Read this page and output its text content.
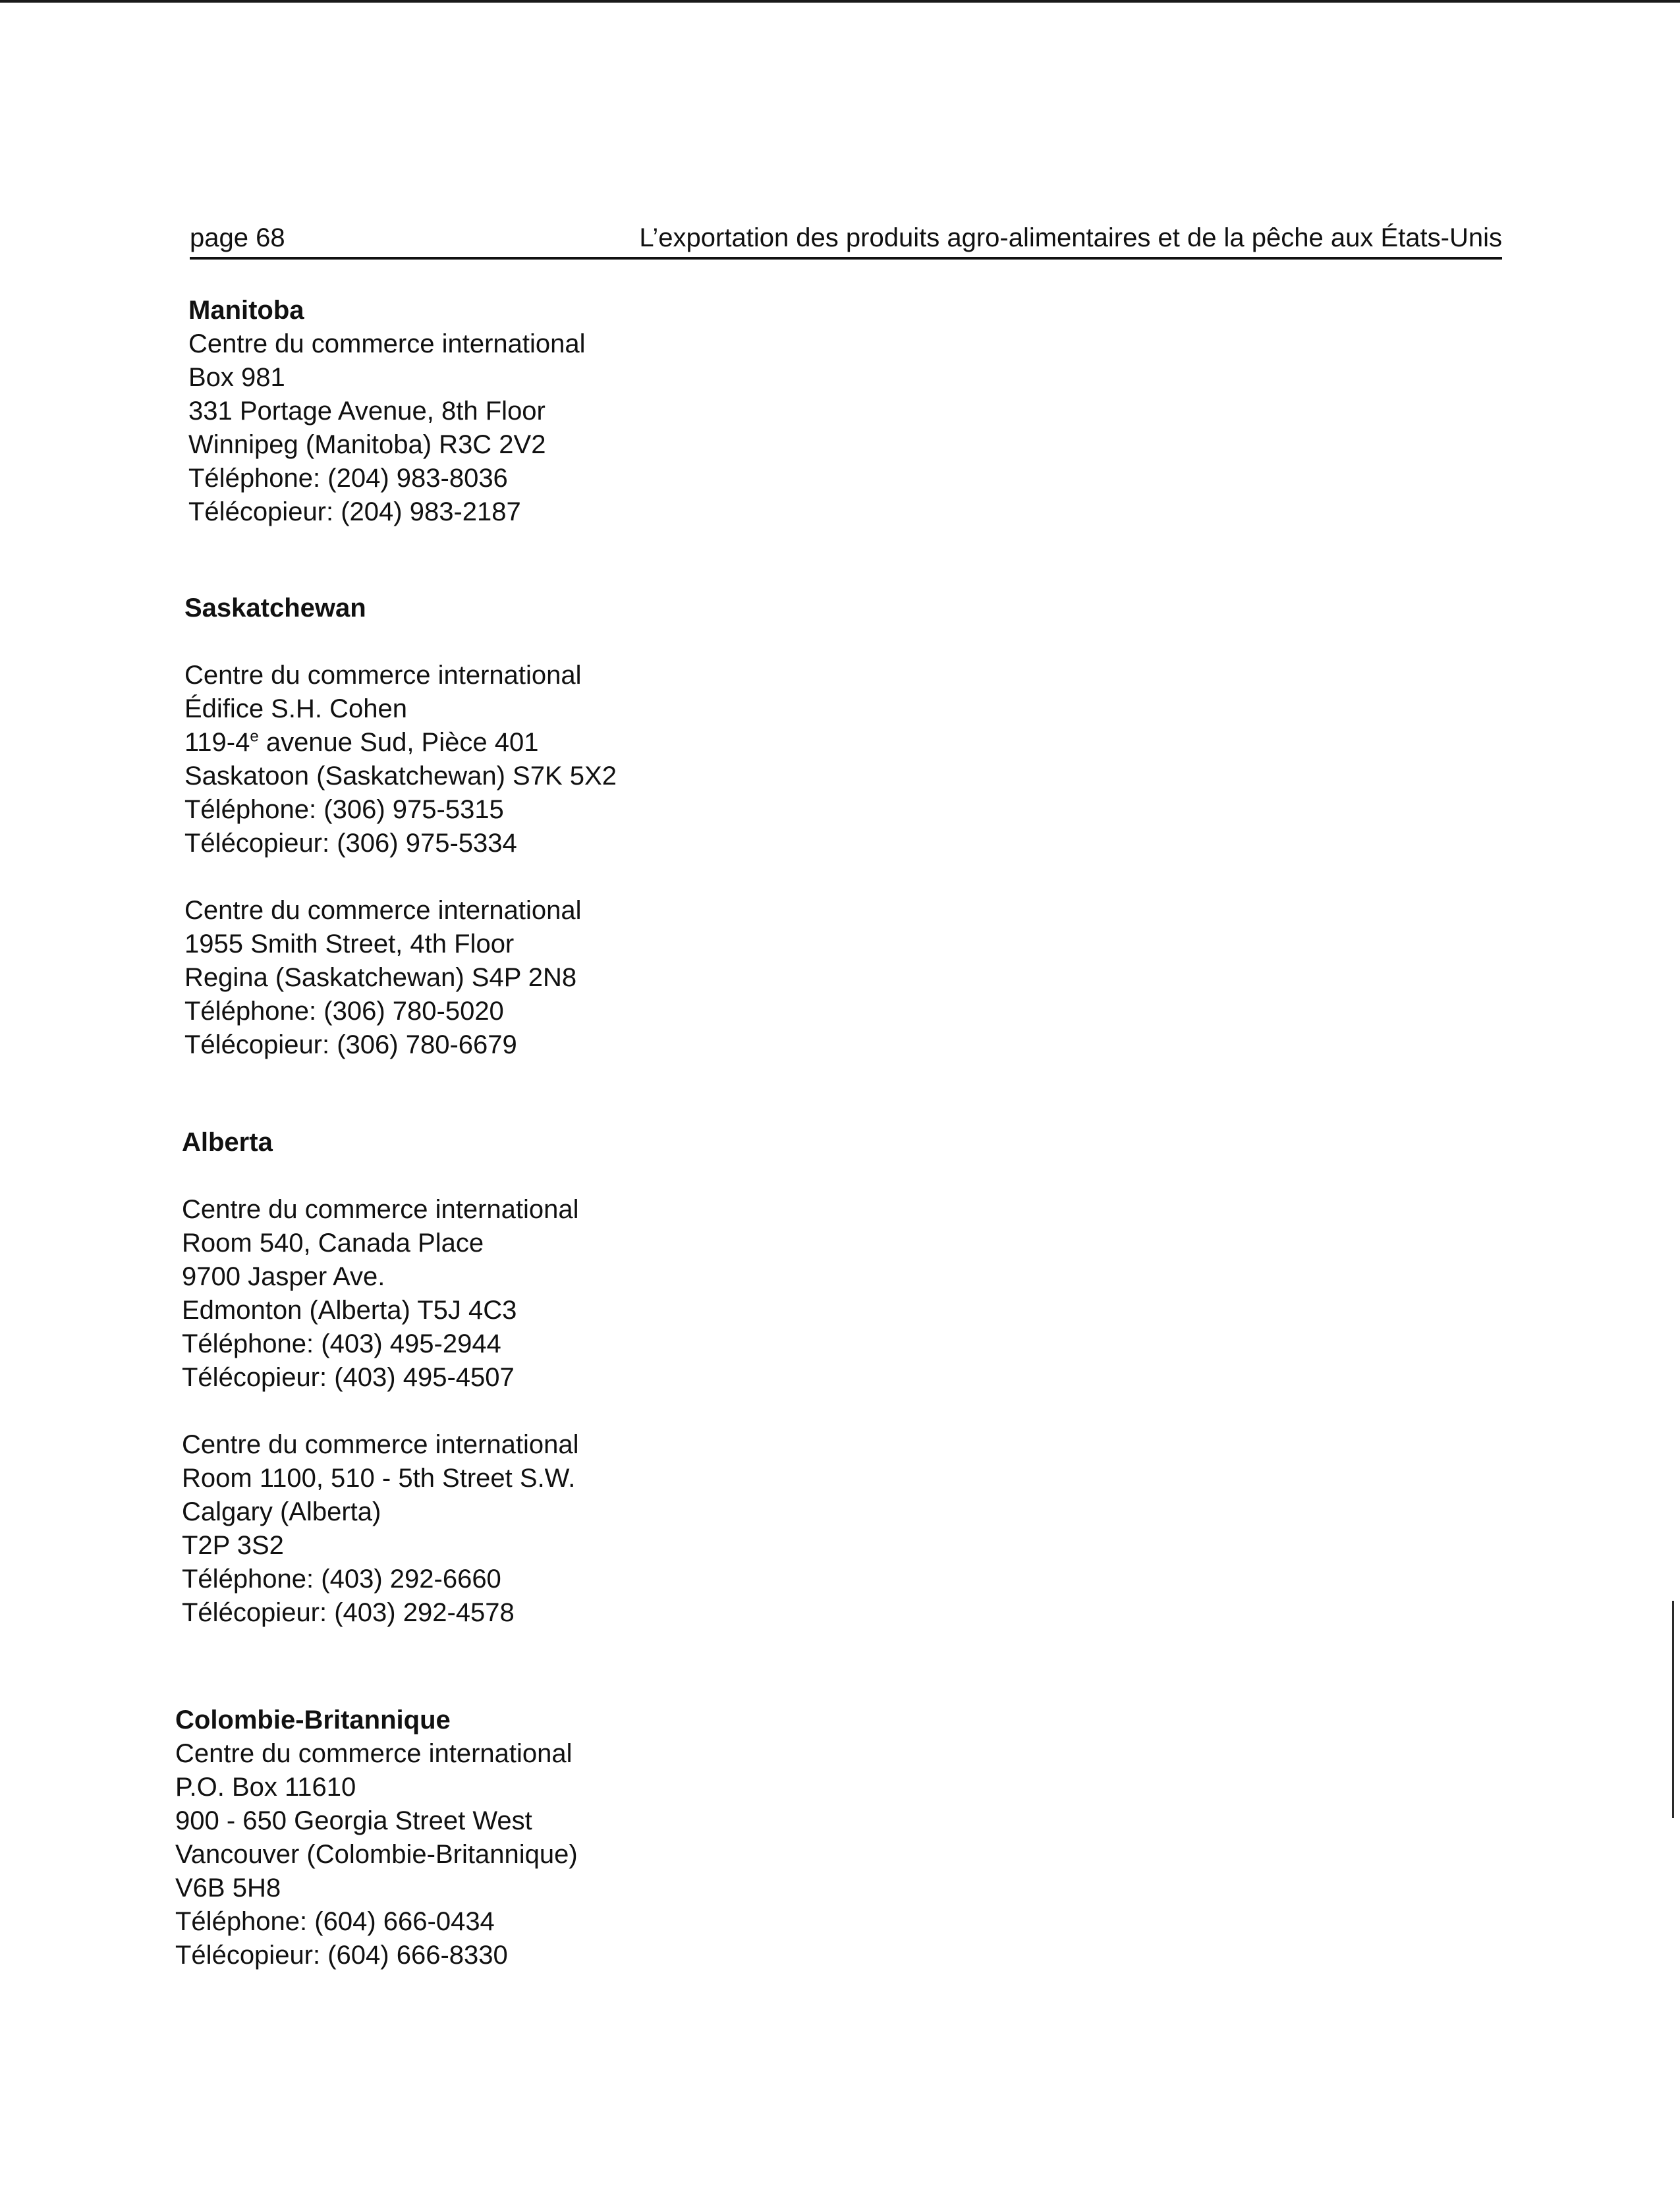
page 68	L’exportation des produits agro-alimentaires et de la pêche aux États-Unis
Manitoba
Centre du commerce international
Box 981
331 Portage Avenue, 8th Floor
Winnipeg (Manitoba) R3C 2V2
Téléphone: (204) 983-8036
Télécopieur: (204) 983-2187
Saskatchewan
Centre du commerce international
Édifice S.H. Cohen
119-4e avenue Sud, Pièce 401
Saskatoon (Saskatchewan) S7K 5X2
Téléphone: (306) 975-5315
Télécopieur: (306) 975-5334
Centre du commerce international
1955 Smith Street, 4th Floor
Regina (Saskatchewan) S4P 2N8
Téléphone: (306) 780-5020
Télécopieur: (306) 780-6679
Alberta
Centre du commerce international
Room 540, Canada Place
9700 Jasper Ave.
Edmonton (Alberta) T5J 4C3
Téléphone: (403) 495-2944
Télécopieur: (403) 495-4507
Centre du commerce international
Room 1100, 510 - 5th Street S.W.
Calgary (Alberta)
T2P 3S2
Téléphone: (403) 292-6660
Télécopieur: (403) 292-4578
Colombie-Britannique
Centre du commerce international
P.O. Box 11610
900 - 650 Georgia Street West
Vancouver (Colombie-Britannique)
V6B 5H8
Téléphone: (604) 666-0434
Télécopieur: (604) 666-8330
